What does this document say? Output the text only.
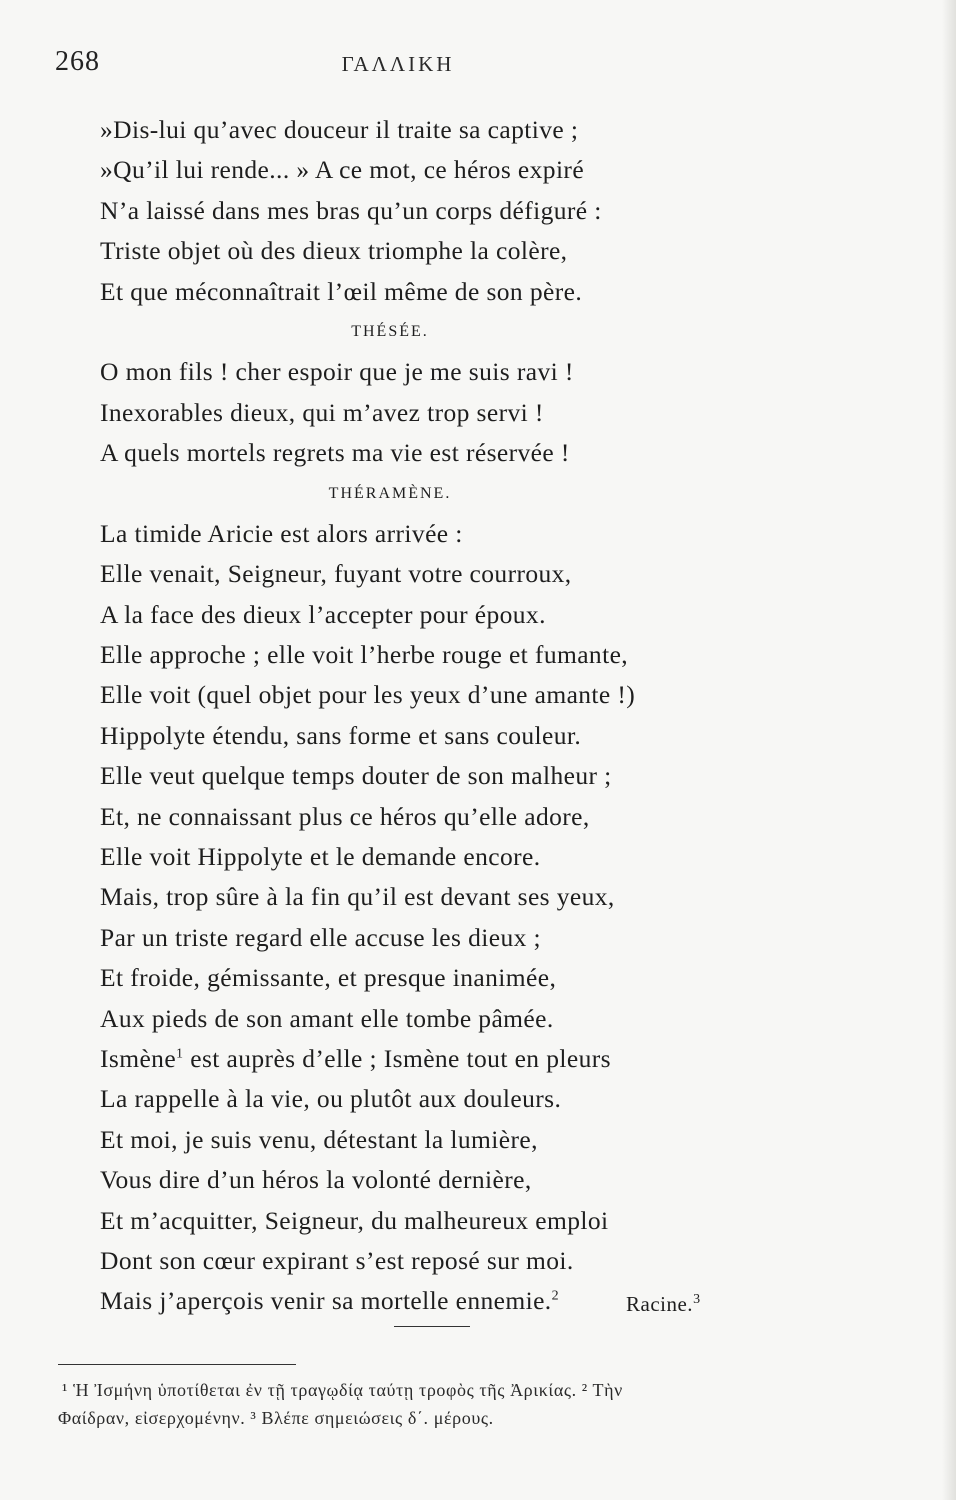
268	ΓΑΛΛΙΚΗ
»Dis-lui qu’avec douceur il traite sa captive ;
»Qu’il lui rende... » A ce mot, ce héros expiré
N’a laissé dans mes bras qu’un corps défiguré :
Triste objet où des dieux triomphe la colère,
Et que méconnaîtrait l’œil même de son père.
THÉSÉE.
O mon fils ! cher espoir que je me suis ravi !
Inexorables dieux, qui m’avez trop servi !
A quels mortels regrets ma vie est réservée !
THÉRAMÈNE.
La timide Aricie est alors arrivée :
Elle venait, Seigneur, fuyant votre courroux,
A la face des dieux l’accepter pour époux.
Elle approche ; elle voit l’herbe rouge et fumante,
Elle voit (quel objet pour les yeux d’une amante !)
Hippolyte étendu, sans forme et sans couleur.
Elle veut quelque temps douter de son malheur ;
Et, ne connaissant plus ce héros qu’elle adore,
Elle voit Hippolyte et le demande encore.
Mais, trop sûre à la fin qu’il est devant ses yeux,
Par un triste regard elle accuse les dieux ;
Et froide, gémissante, et presque inanimée,
Aux pieds de son amant elle tombe pâmée.
Ismène$^1$ est auprès d’elle ; Ismène tout en pleurs
La rappelle à la vie, ou plutôt aux douleurs.
Et moi, je suis venu, détestant la lumière,
Vous dire d’un héros la volonté dernière,
Et m’acquitter, Seigneur, du malheureux emploi
Dont son cœur expirant s’est reposé sur moi.
Mais j’aperçois venir sa mortelle ennemie.$^2$	Racine.$^3$

¹ Ἡ Ἰσμήνη ὑποτίθεται ἐν τῇ τραγῳδίᾳ ταύτῃ τροφὸς τῆς Ἀρικίας. ² Τὴν

Φαίδραν, εἰσερχομένην. ³ Βλέπε σημειώσεις δ΄. μέρους.
